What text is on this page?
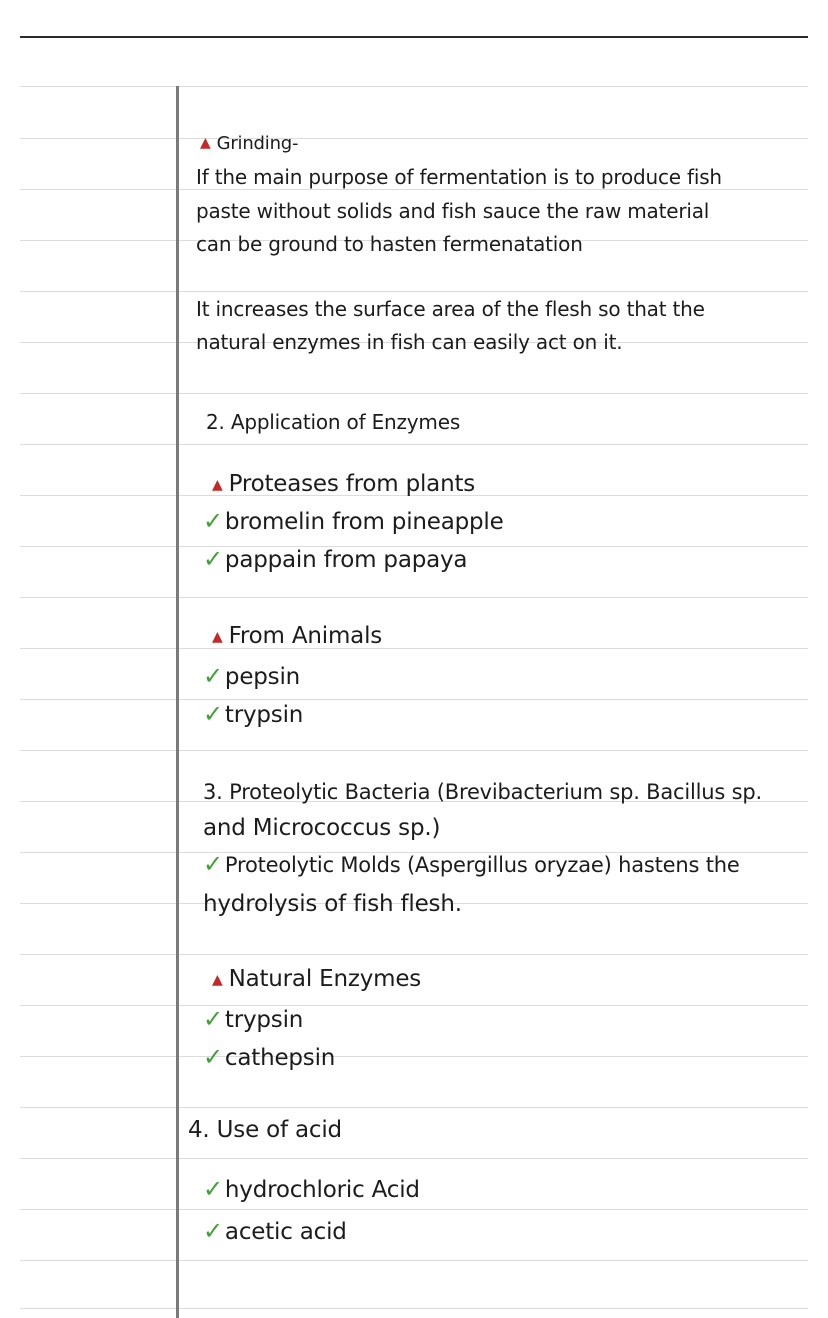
▲ Grinding-
If the main purpose of fermentation is to produce fish
paste without solids and fish sauce the raw material
can be ground to hasten fermenatation
It increases the surface area of the flesh so that the
natural enzymes in fish can easily act on it.
2. Application of Enzymes
▲ Proteases from plants
✓bromelin from pineapple
✓pappain from papaya
▲ From Animals
✓pepsin
✓trypsin
3. Proteolytic Bacteria (Brevibacterium sp. Bacillus sp.
and Micrococcus sp.)
✓Proteolytic Molds (Aspergillus oryzae) hastens the
hydrolysis of fish flesh.
▲ Natural Enzymes
✓trypsin
✓cathepsin
4. Use of acid
✓hydrochloric Acid
✓acetic acid
